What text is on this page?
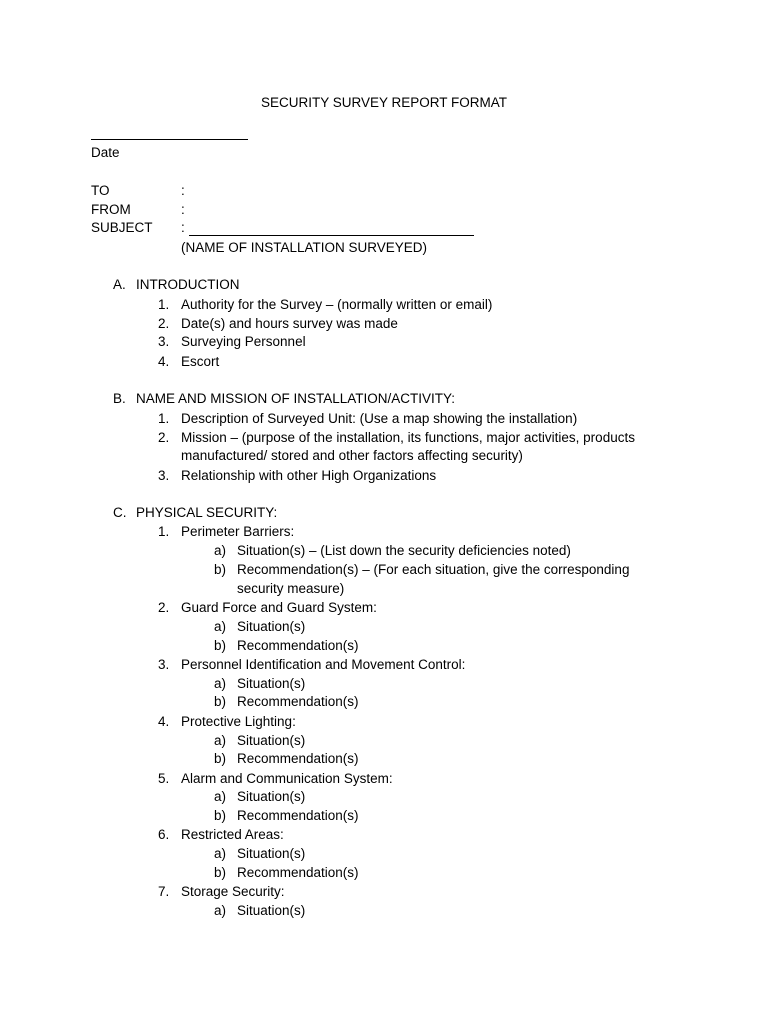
SECURITY SURVEY REPORT FORMAT
Date
TO	:
FROM	:
SUBJECT :
(NAME OF INSTALLATION SURVEYED)
A. INTRODUCTION
1. Authority for the Survey – (normally written or email)
2. Date(s) and hours survey was made
3. Surveying Personnel
4. Escort
B. NAME AND MISSION OF INSTALLATION/ACTIVITY:
1. Description of Surveyed Unit: (Use a map showing the installation)
2. Mission – (purpose of the installation, its functions, major activities, products
manufactured/ stored and other factors affecting security)
3. Relationship with other High Organizations
C. PHYSICAL SECURITY:
1. Perimeter Barriers:
a) Situation(s) – (List down the security deficiencies noted)
b) Recommendation(s) – (For each situation, give the corresponding
security measure)
2. Guard Force and Guard System:
a) Situation(s)
b) Recommendation(s)
3. Personnel Identification and Movement Control:
a) Situation(s)
b) Recommendation(s)
4. Protective Lighting:
a) Situation(s)
b) Recommendation(s)
5. Alarm and Communication System:
a) Situation(s)
b) Recommendation(s)
6. Restricted Areas:
a) Situation(s)
b) Recommendation(s)
7. Storage Security:
a) Situation(s)
